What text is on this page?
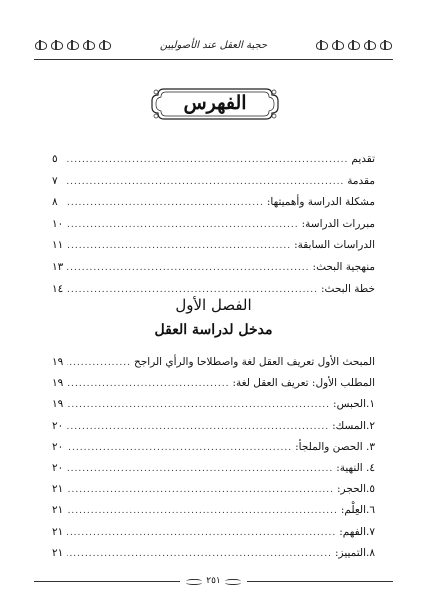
حجية العقل عند الأصوليين
الفهرس
تقديم
.....
٥
مقدمة
.....
٧
مشكلة الدراسة وأهميتها:
.....
٨
مبررات الدراسة:
.....
١٠
الدراسات السابقة:
.....
١١
منهجية البحث:
.....
١٣
خطة البحث:
.....
١٤
الفصل الأول
مدخل لدراسة العقل
المبحث الأول تعريف العقل لغة واصطلاحا والرأي الراجح
.....
١٩
المطلب الأول: تعريف العقل لغة:
.....
١٩
١.الحبس:
.....
١٩
٢.المسك:
.....
٢٠
٣. الحصن والملجأ:
.....
٢٠
٤. النهية:
.....
٢٠
٥.الحجر:
.....
٢١
٦.العِلْم:
.....
٢١
٧.الفهم:
.....
٢١
٨.التمييز:
.....
٢١
٢٥١
